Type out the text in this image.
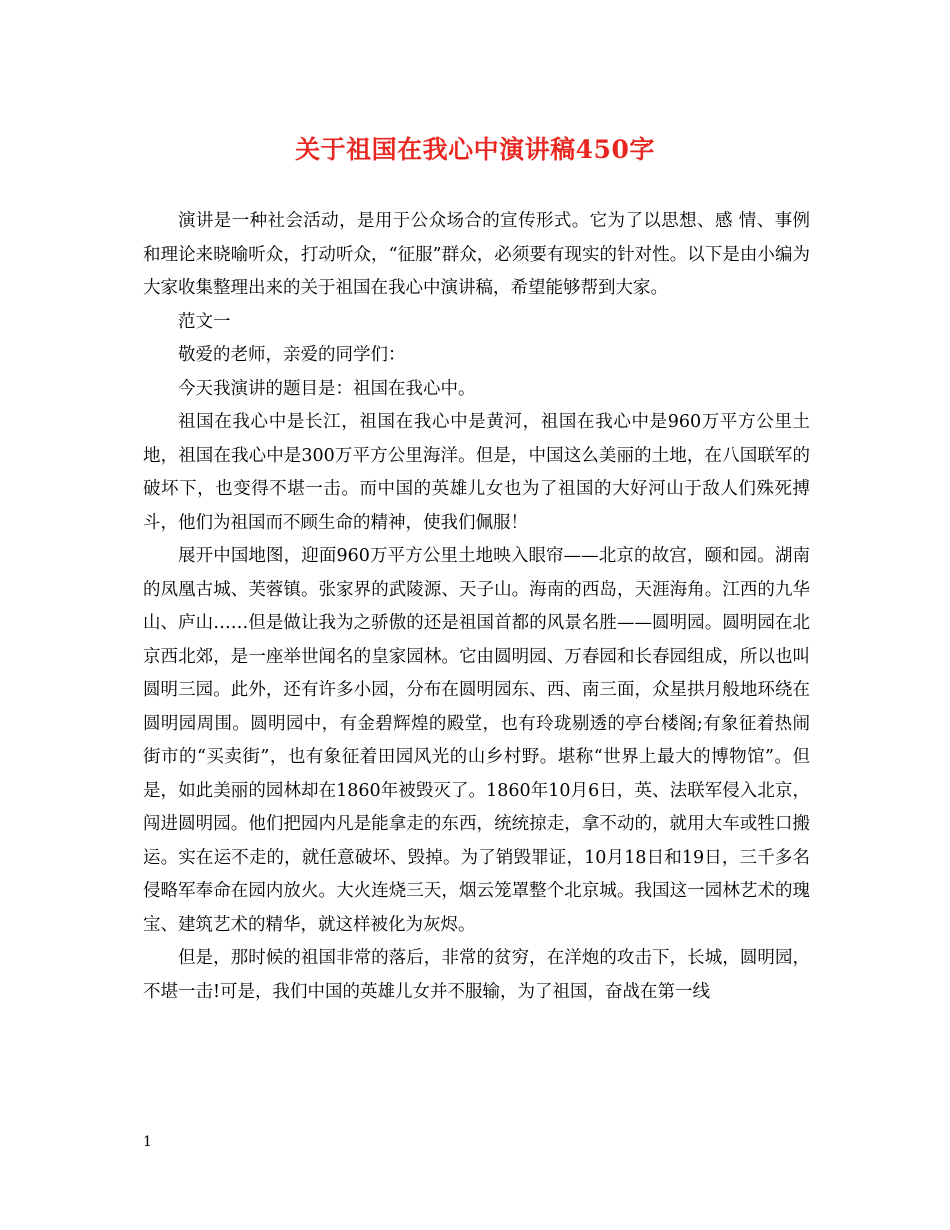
关于祖国在我心中演讲稿450字

演讲是一种社会活动，是用于公众场合的宣传形式。它为了以思想、感 情、事例和理论来晓喻听众，打动听众，“征服”群众，必须要有现实的针对性。以下是由小编为大家收集整理出来的关于祖国在我心中演讲稿，希望能够帮到大家。

范文一

敬爱的老师，亲爱的同学们：

今天我演讲的题目是：祖国在我心中。

祖国在我心中是长江，祖国在我心中是黄河，祖国在我心中是960万平方公里土地，祖国在我心中是300万平方公里海洋。但是，中国这么美丽的土地，在八国联军的破坏下，也变得不堪一击。而中国的英雄儿女也为了祖国的大好河山于敌人们殊死搏斗，他们为祖国而不顾生命的精神，使我们佩服！

展开中国地图，迎面960万平方公里土地映入眼帘——北京的故宫，颐和园。湖南的凤凰古城、芙蓉镇。张家界的武陵源、天子山。海南的西岛，天涯海角。江西的九华山、庐山……但是做让我为之骄傲的还是祖国首都的风景名胜——圆明园。圆明园在北京西北郊，是一座举世闻名的皇家园林。它由圆明园、万春园和长春园组成，所以也叫圆明三园。此外，还有许多小园，分布在圆明园东、西、南三面，众星拱月般地环绕在圆明园周围。圆明园中，有金碧辉煌的殿堂，也有玲珑剔透的亭台楼阁;有象征着热闹街市的“买卖街”，也有象征着田园风光的山乡村野。堪称“世界上最大的博物馆”。但是，如此美丽的园林却在1860年被毁灭了。1860年10月6日，英、法联军侵入北京，闯进圆明园。他们把园内凡是能拿走的东西，统统掠走，拿不动的，就用大车或牲口搬运。实在运不走的，就任意破坏、毁掉。为了销毁罪证，10月18日和19日，三千多名侵略军奉命在园内放火。大火连烧三天，烟云笼罩整个北京城。我国这一园林艺术的瑰宝、建筑艺术的精华，就这样被化为灰烬。

但是，那时候的祖国非常的落后，非常的贫穷，在洋炮的攻击下，长城，圆明园，不堪一击!可是，我们中国的英雄儿女并不服输，为了祖国，奋战在第一线

1
